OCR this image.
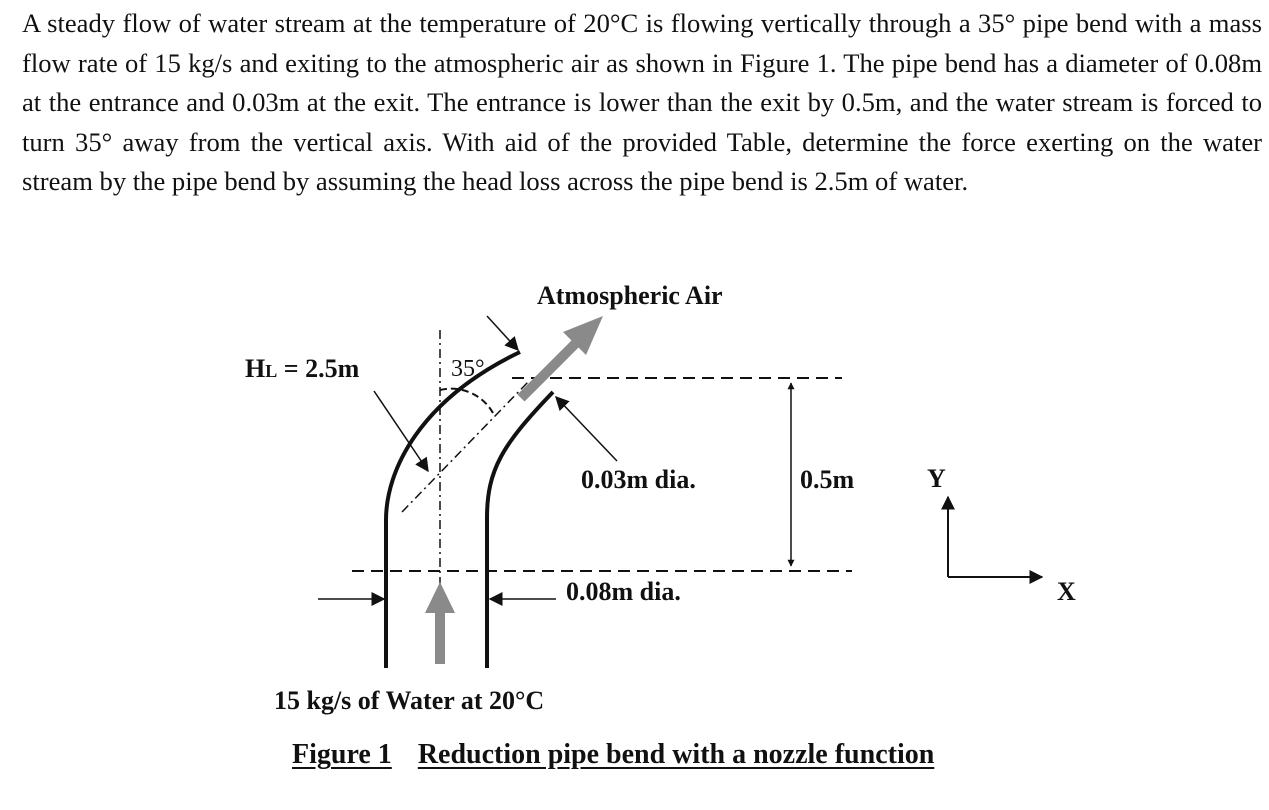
A steady flow of water stream at the temperature of 20°C is flowing vertically through a 35° pipe bend with a mass flow rate of 15 kg/s and exiting to the atmospheric air as shown in Figure 1. The pipe bend has a diameter of 0.08m at the entrance and 0.03m at the exit. The entrance is lower than the exit by 0.5m, and the water stream is forced to turn 35° away from the vertical axis. With aid of the provided Table, determine the force exerting on the water stream by the pipe bend by assuming the head loss across the pipe bend is 2.5m of water.

Atmospheric Air
HL = 2.5m	35°
0.03m dia.	0.5m
0.08m dia.
Y
X
15 kg/s of Water at 20°C
Figure 1 Reduction pipe bend with a nozzle function
